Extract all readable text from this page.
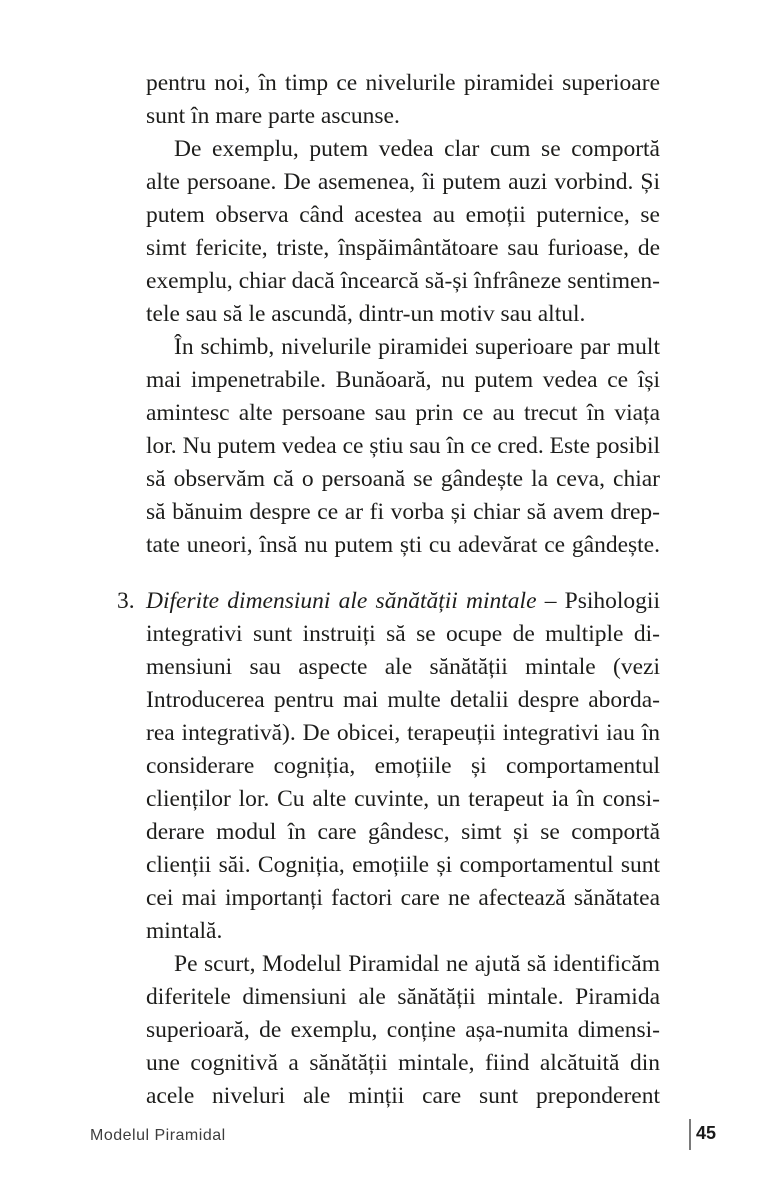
pentru noi, în timp ce nivelurile piramidei superioare
sunt în mare parte ascunse.
De exemplu, putem vedea clar cum se comportă
alte persoane. De asemenea, îi putem auzi vorbind. Și
putem observa când acestea au emoții puternice, se
simt fericite, triste, înspăimântătoare sau furioase, de
exemplu, chiar dacă încearcă să-și înfrâneze sentimen-
tele sau să le ascundă, dintr-un motiv sau altul.
În schimb, nivelurile piramidei superioare par mult
mai impenetrabile. Bunăoară, nu putem vedea ce își
amintesc alte persoane sau prin ce au trecut în viața
lor. Nu putem vedea ce știu sau în ce cred. Este posibil
să observăm că o persoană se gândește la ceva, chiar
să bănuim despre ce ar fi vorba și chiar să avem drep-
tate uneori, însă nu putem ști cu adevărat ce gândește.
3. Diferite dimensiuni ale sănătății mintale – Psihologii
integrativi sunt instruiți să se ocupe de multiple di-
mensiuni sau aspecte ale sănătății mintale (vezi
Introducerea pentru mai multe detalii despre aborda-
rea integrativă). De obicei, terapeuții integrativi iau în
considerare cogniția, emoțiile și comportamentul
clienților lor. Cu alte cuvinte, un terapeut ia în consi-
derare modul în care gândesc, simt și se comportă
clienții săi. Cogniția, emoțiile și comportamentul sunt
cei mai importanți factori care ne afectează sănătatea
mintală.
Pe scurt, Modelul Piramidal ne ajută să identificăm
diferitele dimensiuni ale sănătății mintale. Piramida
superioară, de exemplu, conține așa-numita dimensi-
une cognitivă a sănătății mintale, fiind alcătuită din
acele niveluri ale minții care sunt preponderent
Modelul Piramidal	45
